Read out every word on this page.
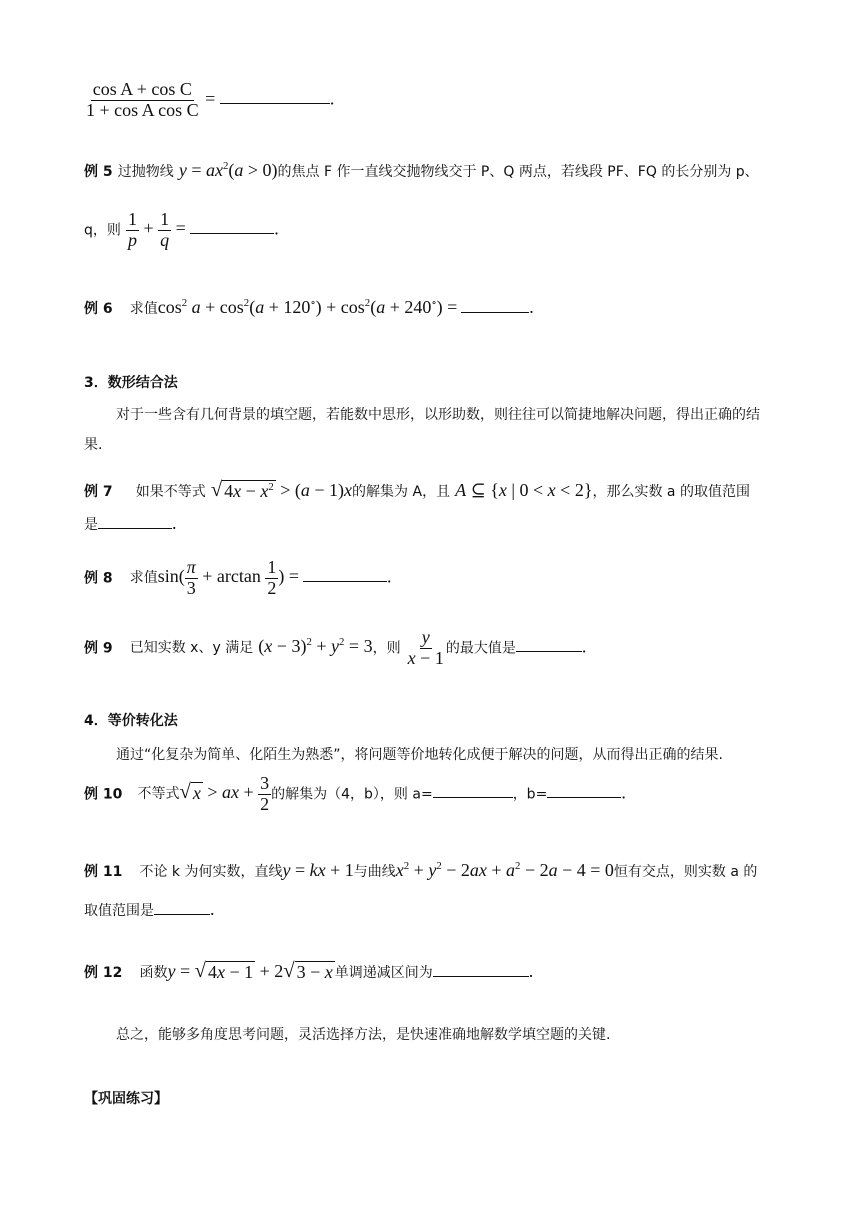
$\frac{\text{cos A + cos C}}{\text{1 + cos A cos C}}$ =	.
例 5 过抛物线 $y = ax^2(a > 0)$的焦点 F 作一直线交抛物线交于 P、Q 两点，若线段 PF、FQ 的长分别为 p、
q，则 $\frac{1}{p} + \frac{1}{q}$ =	.
例 6 求值$\cos^2 a + \cos^2(a + 120^\circ) + \cos^2(a + 240^\circ)$ =	.
3．数形结合法
对于一些含有几何背景的填空题，若能数中思形，以形助数，则往往可以简捷地解决问题，得出正确的结果.
例 7 如果不等式 √ $4x - x^2 > (a - 1)x$的解集为 A，且 A ⊆ {x | 0 < x < 2}，那么实数 a 的取值范围
是	.
例 8 求值$\sin( \frac{\pi}{3} + \arctan \frac{1}{2}$ ) =	.
例 9 已知实数 x、y 满足 $(x - 3)^2 + y^2 = 3$，则 $\frac{y}{x - 1}$ 的最大值是	.
4．等价转化法
通过“化复杂为简单、化陌生为熟悉”，将问题等价地转化成便于解决的问题，从而得出正确的结果.
例 10 不等式 √ x > ax + $\frac{3}{2}$ 的解集为（4，b），则 a=	，b=	.
例 11 不论 k 为何实数，直线y = kx + 1与曲线$x^2 + y^2 - 2ax + a^2 - 2a - 4 = 0$恒有交点，则实数 a 的
取值范围是	.
例 12 函数y = √ 4x − 1 + 2 √ 3 − x 单调递减区间为	.
总之，能够多角度思考问题，灵活选择方法，是快速准确地解数学填空题的关键.
【巩固练习】
